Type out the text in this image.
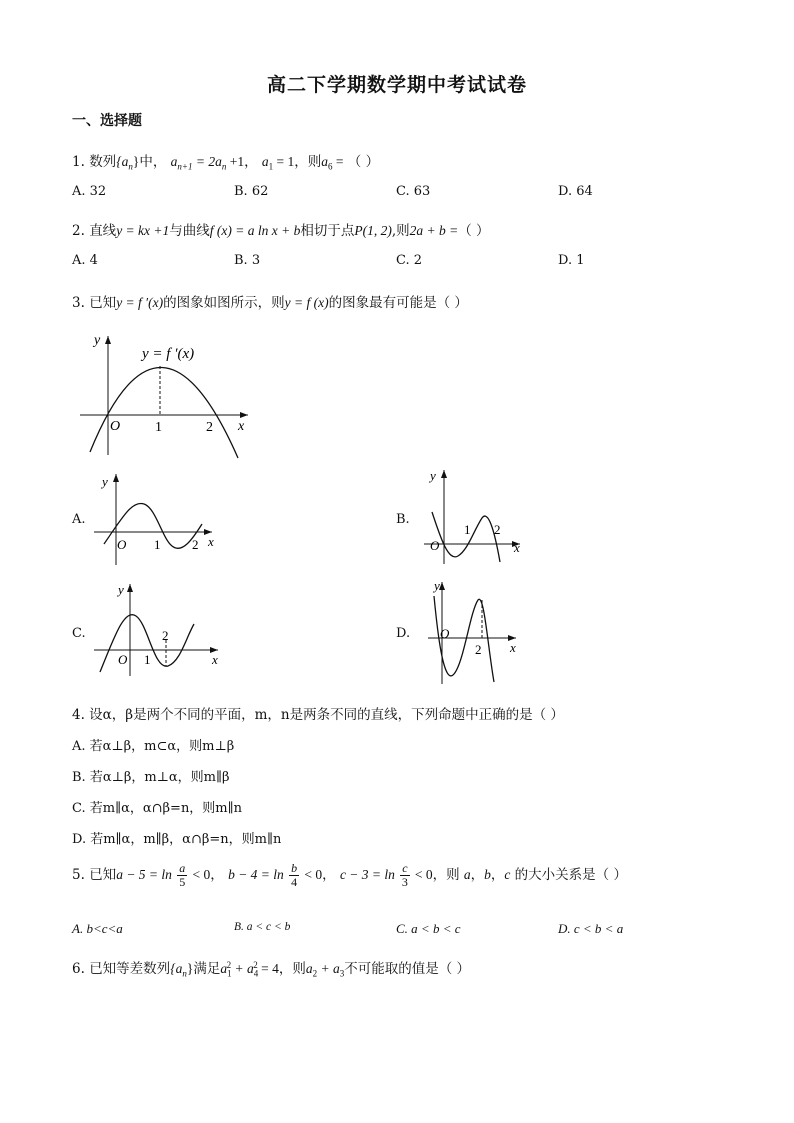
高二下学期数学期中考试试卷
一、选择题
1. 数列$\{a_n\}$中， $a_{n+1} = 2a_n +1$， $a_1 = 1$，则$a_6$ = （ ）
A. 32	B. 62	C. 63	D. 64
2. 直线y = kx +1与曲线f (x) = a ln x + b相切于点P(1, 2),则2a + b =（ ）
A. 4	B. 3	C. 2	D. 1
3. 已知y = f ′(x)的图象如图所示，则y = f (x)的图象最有可能是（ ）
y
x
O 1	2
y = f ′(x)
A.
y
x
O 1 2
B.
y
x
O
1 2
C.
y
x
O 1
2	D.
y
x
O
2
4. 设α，β是两个不同的平面，m，n是两条不同的直线，下列命题中正确的是（ ）
A. 若α⊥β，m⊂α，则m⊥β
B. 若α⊥β，m⊥α，则m∥β
C. 若m∥α，α∩β=n，则m∥n
D. 若m∥α，m∥β，α∩β=n，则m∥n
5. 已知$a - 5 = \ln \frac{a}{5} < 0$， $b - 4 = \ln \frac{b}{4} < 0$， $c - 3 = \ln \frac{c}{3} < 0$，则 a，b，c 的大小关系是（ ）
A. b<c<a	B. a < c < b	C. a < b < c	D. c < b < a
6. 已知等差数列$\{a_n\}$满足$a_1^2 + a_4^2 = 4$，则$a_2 + a_3$不可能取的值是（ ）
